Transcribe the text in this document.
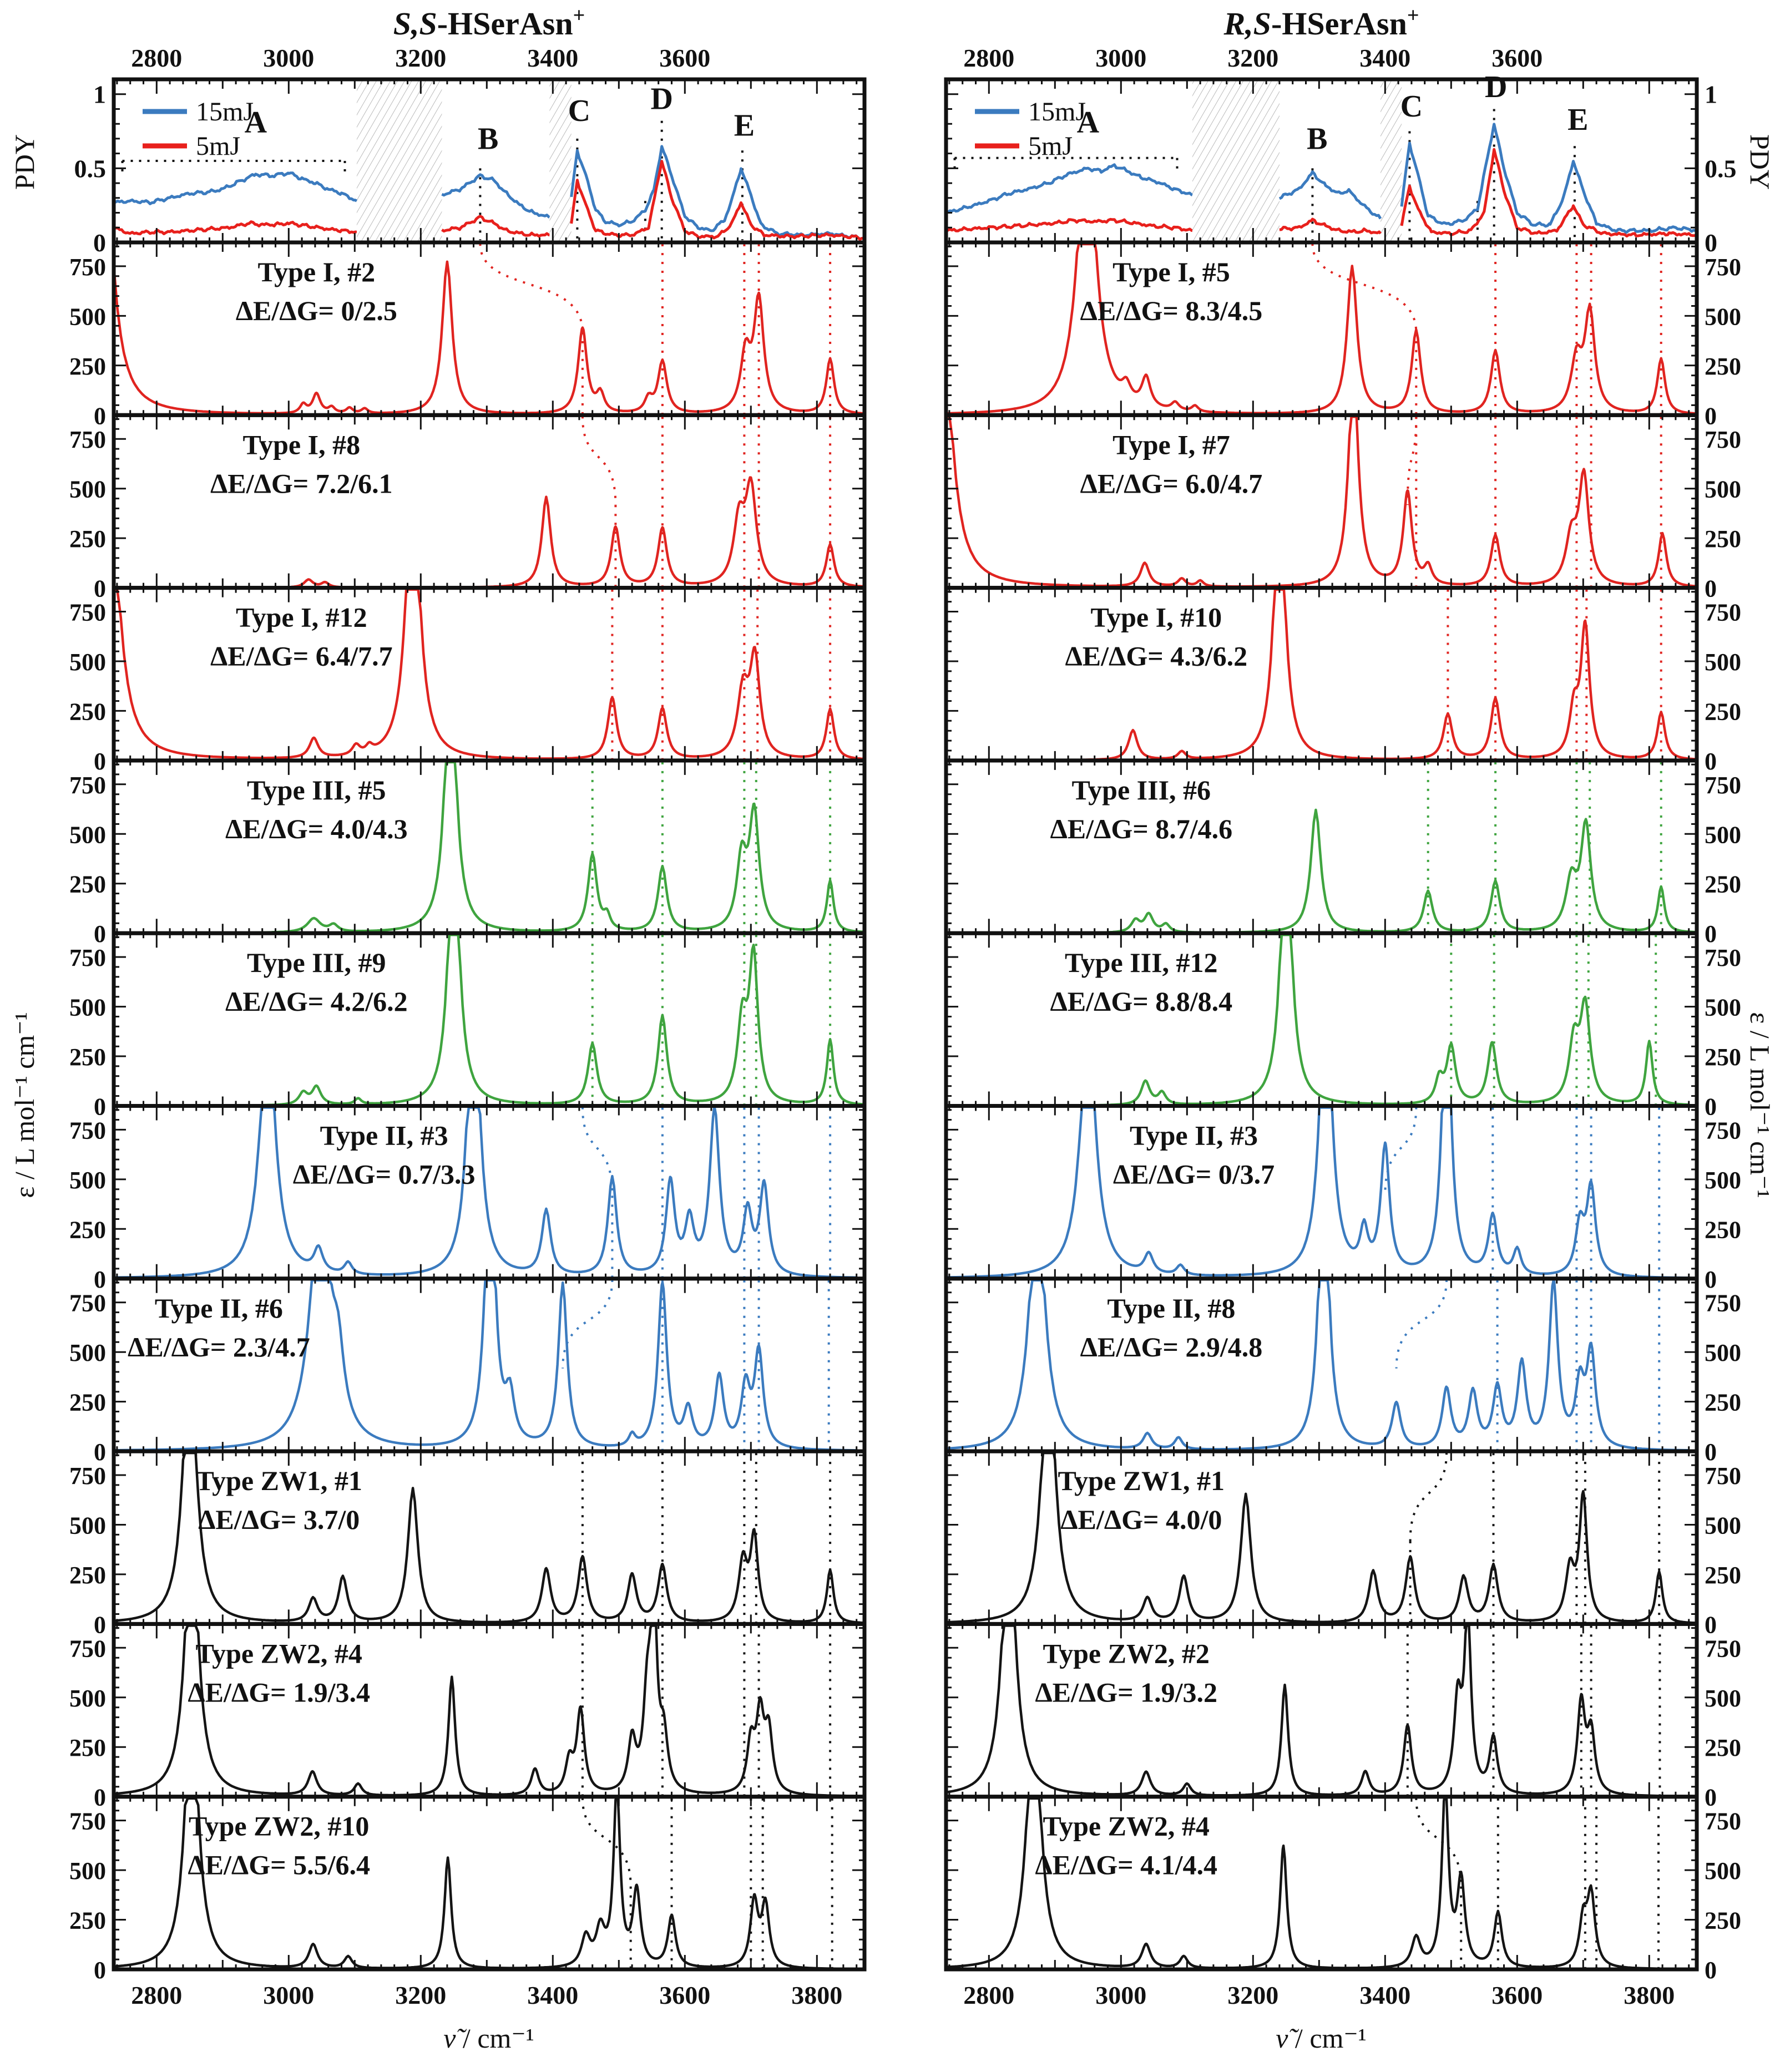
S,S-HSerAsn+
2800	3000	3200	3400	3600
2800	3000	3200	3400	3600	3800
A	B
C D
E
15mJ
5mJ
0
0.5
1
Type I, #2
ΔE/ΔG= 0/2.5
0
250
500
750
Type I, #8
ΔE/ΔG= 7.2/6.1
0
250
500
750
Type I, #12
ΔE/ΔG= 6.4/7.7
0
250
500
750
Type III, #5
ΔE/ΔG= 4.0/4.3
0
250
500
750
Type III, #9
ΔE/ΔG= 4.2/6.2
0
250
500
750
Type II, #3
ΔE/ΔG= 0.7/3.3
0
250
500
750
Type II, #6
ΔE/ΔG= 2.3/4.7
0
250
500
750
Type ZW1, #1
ΔE/ΔG= 3.7/0
0
250
500
750
Type ZW2, #4
ΔE/ΔG= 1.9/3.4
0
250
500
750
Type ZW2, #10
ΔE/ΔG= 5.5/6.4
0
250
500
750
R,S-HSerAsn+
2800	3000	3200	3400	3600
2800	3000	3200	3400	3600	3800
A	B
C
D
E
15mJ
5mJ
0
0.5
1
Type I, #5
ΔE/ΔG= 8.3/4.5
0
250
500
750
Type I, #7
ΔE/ΔG= 6.0/4.7
0
250
500
750
Type I, #10
ΔE/ΔG= 4.3/6.2
0
250
500
750
Type III, #6
ΔE/ΔG= 8.7/4.6
0
250
500
750
Type III, #12
ΔE/ΔG= 8.8/8.4
0
250
500
750
Type II, #3
ΔE/ΔG= 0/3.7
0
250
500
750
Type II, #8
ΔE/ΔG= 2.9/4.8
0
250
500
750
Type ZW1, #1
ΔE/ΔG= 4.0/0
0
250
500
750
Type ZW2, #2
ΔE/ΔG= 1.9/3.2
0
250
500
750
Type ZW2, #4
ΔE/ΔG= 4.1/4.4
0
250
500
750
PDY	PDY
ε / L mol⁻¹ cm⁻¹	ε / L mol⁻¹ cm⁻¹
ν̃ / cm⁻¹	ν̃ / cm⁻¹
